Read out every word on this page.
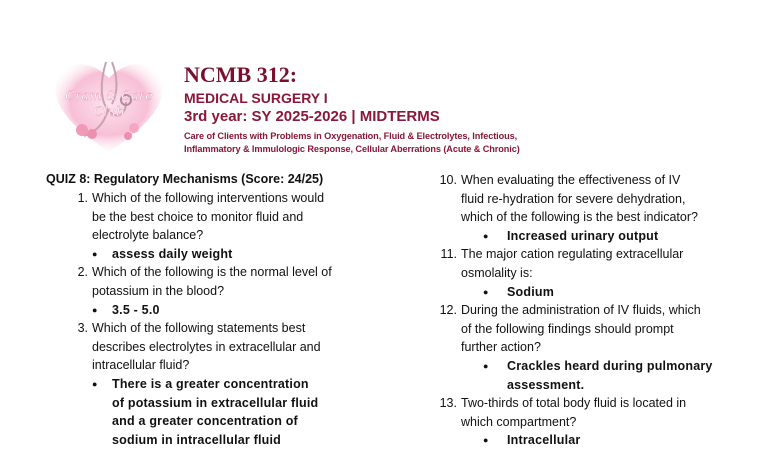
Cram & Care
Club
NCMB 312:
MEDICAL SURGERY I
3rd year: SY 2025-2026 | MIDTERMS
Care of Clients with Problems in Oxygenation, Fluid & Electrolytes, Infectious,
Inflammatory & Immulologic Response, Cellular Aberrations (Acute & Chronic)
QUIZ 8: Regulatory Mechanisms (Score: 24/25)
1. Which of the following interventions would
be the best choice to monitor fluid and
electrolyte balance?
● assess daily weight
2. Which of the following is the normal level of
potassium in the blood?
● 3.5 - 5.0
3. Which of the following statements best
describes electrolytes in extracellular and
intracellular fluid?
● There is a greater concentration
of potassium in extracellular fluid
and a greater concentration of
sodium in intracellular fluid
10. When evaluating the effectiveness of IV
fluid re-hydration for severe dehydration,
which of the following is the best indicator?
● Increased urinary output
11. The major cation regulating extracellular
osmolality is:
● Sodium
12. During the administration of IV fluids, which
of the following findings should prompt
further action?
● Crackles heard during pulmonary
assessment.
13. Two-thirds of total body fluid is located in
which compartment?
● Intracellular
